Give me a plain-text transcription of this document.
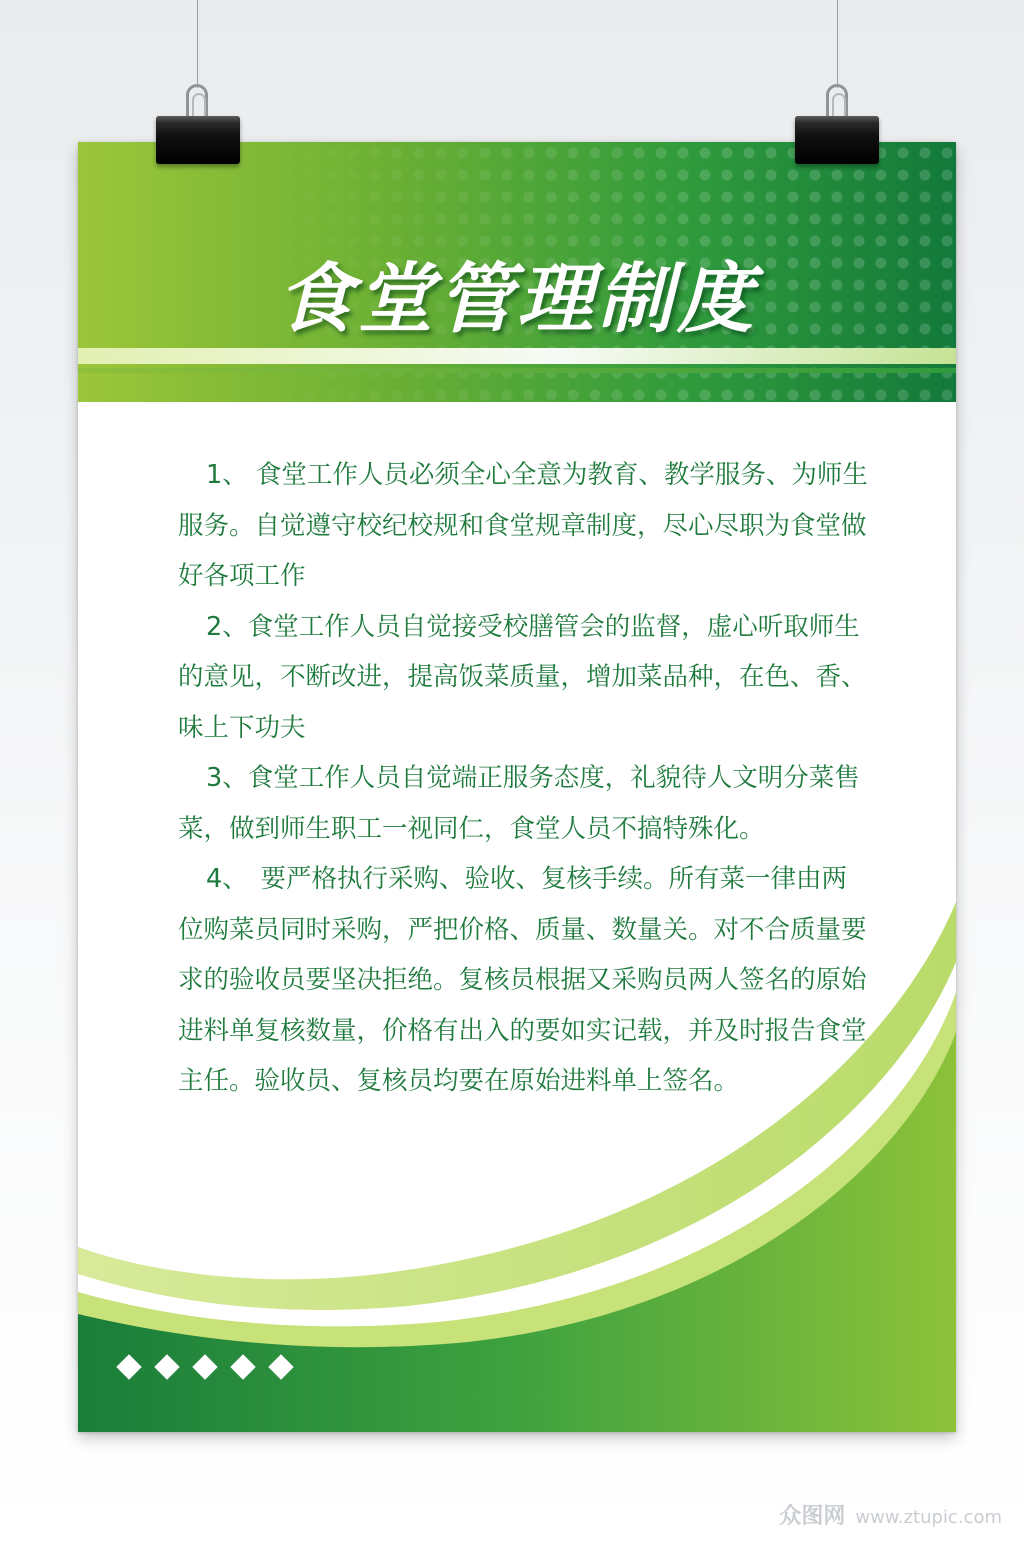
食堂管理制度

1、 食堂工作人员必须全心全意为教育、教学服务、为师生服务。自觉遵守校纪校规和食堂规章制度，尽心尽职为食堂做好各项工作

2、食堂工作人员自觉接受校膳管会的监督，虚心听取师生的意见，不断改进，提高饭菜质量，增加菜品种，在色、香、味上下功夫

3、食堂工作人员自觉端正服务态度，礼貌待人文明分菜售菜，做到师生职工一视同仁，食堂人员不搞特殊化。

4、　要严格执行采购、验收、复核手续。所有菜一律由两位购菜员同时采购，严把价格、质量、数量关。对不合质量要求的验收员要坚决拒绝。复核员根据又采购员两人签名的原始进料单复核数量，价格有出入的要如实记载，并及时报告食堂主任。验收员、复核员均要在原始进料单上签名。

众图网 www.ztupic.com
